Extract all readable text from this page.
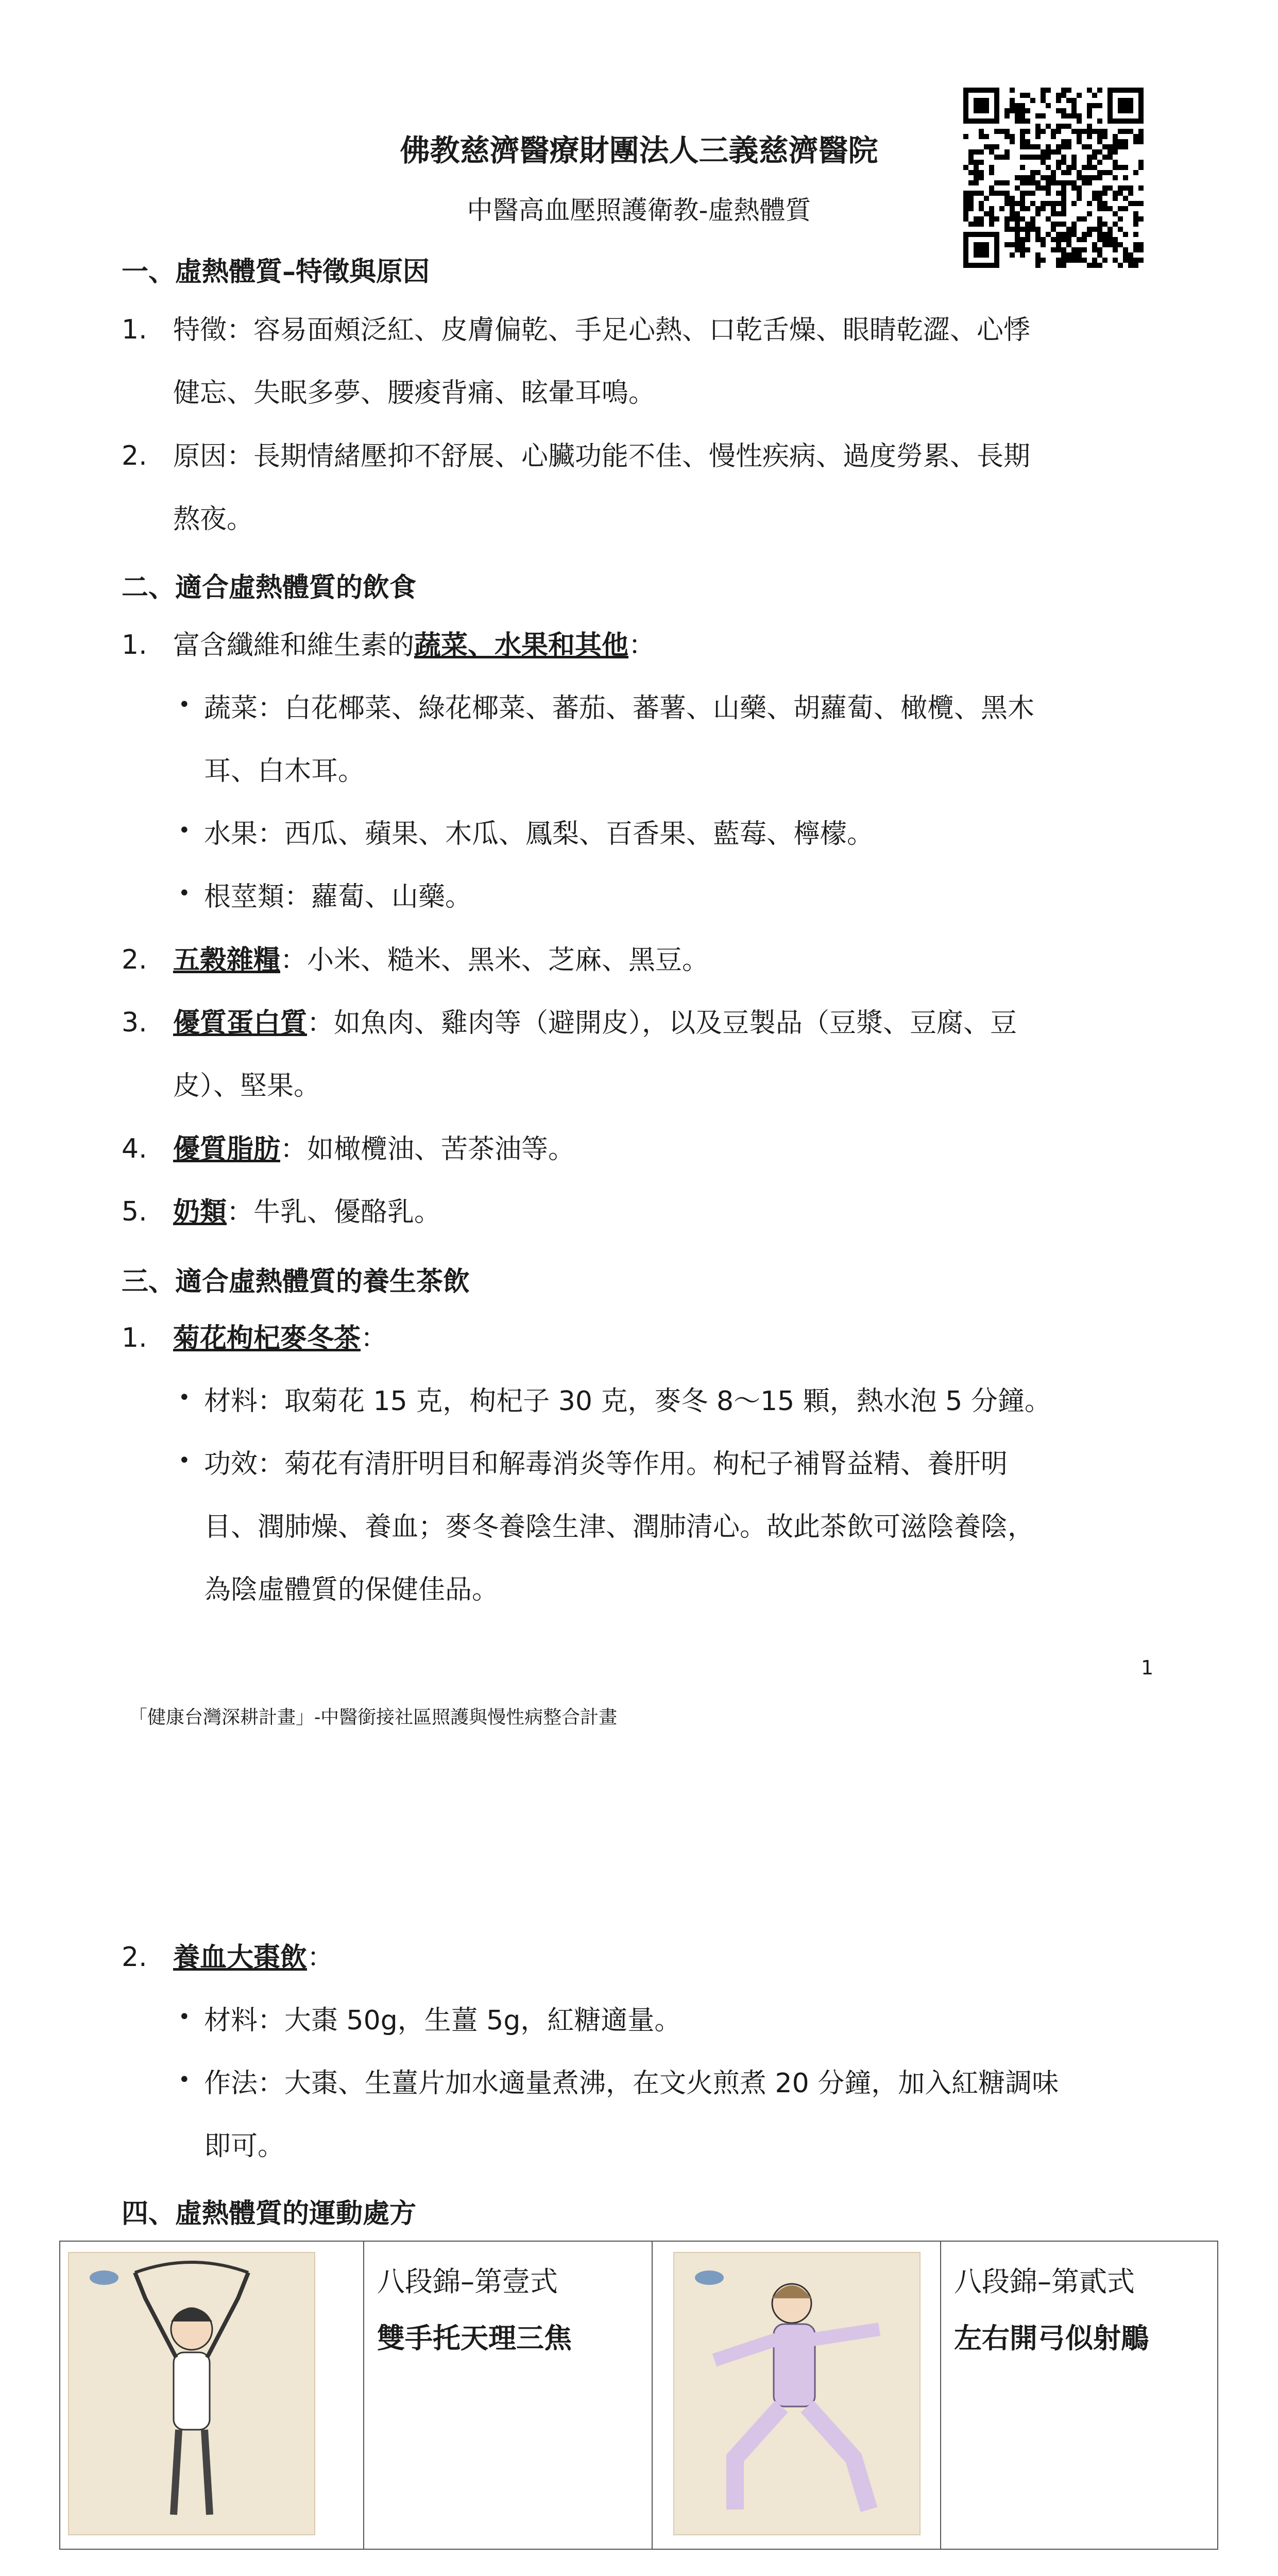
佛教慈濟醫療財團法人三義慈濟醫院
中醫高血壓照護衛教-虛熱體質
一、虛熱體質–特徵與原因
1. 特徵：容易面頰泛紅、皮膚偏乾、手足心熱、口乾舌燥、眼睛乾澀、心悸
健忘、失眠多夢、腰痠背痛、眩暈耳鳴。
2. 原因：長期情緒壓抑不舒展、心臟功能不佳、慢性疾病、過度勞累、長期
熬夜。
二、適合虛熱體質的飲食
1. 富含纖維和維生素的蔬菜、水果和其他：
• 蔬菜：白花椰菜、綠花椰菜、蕃茄、蕃薯、山藥、胡蘿蔔、橄欖、黑木
耳、白木耳。
• 水果：西瓜、蘋果、木瓜、鳳梨、百香果、藍莓、檸檬。
• 根莖類：蘿蔔、山藥。
2. 五穀雜糧：小米、糙米、黑米、芝麻、黑豆。
3. 優質蛋白質：如魚肉、雞肉等（避開皮），以及豆製品（豆漿、豆腐、豆
皮）、堅果。
4. 優質脂肪：如橄欖油、苦茶油等。
5. 奶類：牛乳、優酪乳。
三、適合虛熱體質的養生茶飲
1. 菊花枸杞麥冬茶：
• 材料：取菊花 15 克，枸杞子 30 克，麥冬 8～15 顆，熱水泡 5 分鐘。
• 功效：菊花有清肝明目和解毒消炎等作用。枸杞子補腎益精、養肝明
目、潤肺燥、養血；麥冬養陰生津、潤肺清心。故此茶飲可滋陰養陰，
為陰虛體質的保健佳品。
1
「健康台灣深耕計畫」-中醫銜接社區照護與慢性病整合計畫
2. 養血大棗飲：
• 材料：大棗 50g，生薑 5g，紅糖適量。
• 作法：大棗、生薑片加水適量煮沸，在文火煎煮 20 分鐘，加入紅糖調味
即可。
四、虛熱體質的運動處方
八段錦–第壹式
雙手托天理三焦
八段錦–第貳式
左右開弓似射鵰
